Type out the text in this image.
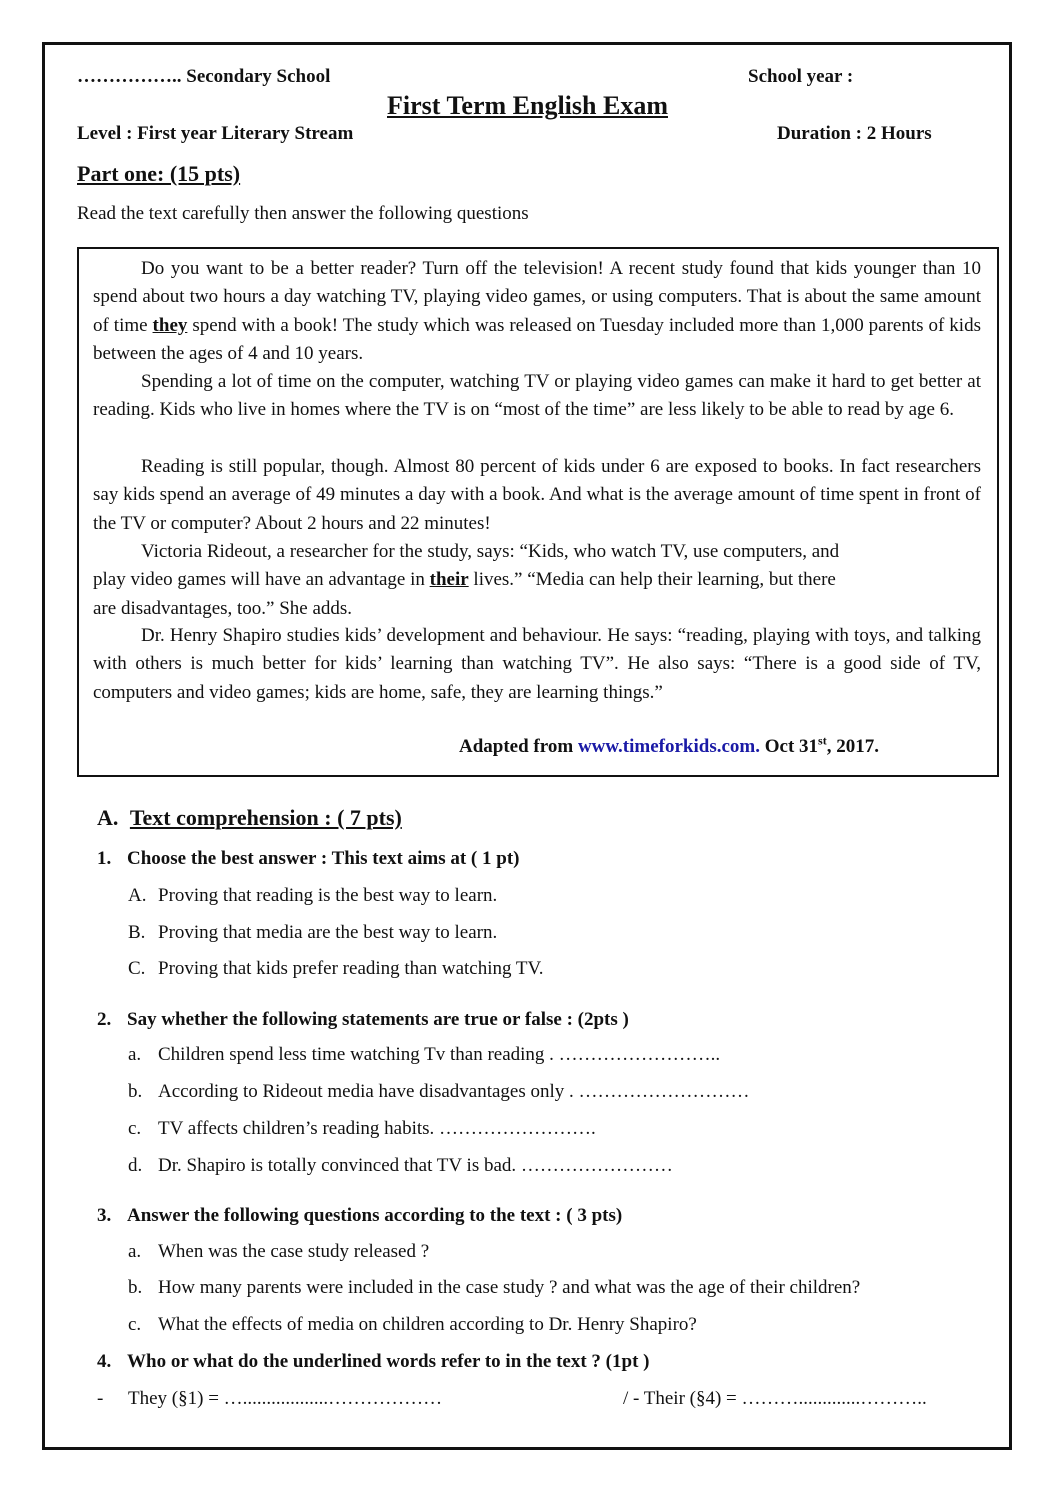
…………….. Secondary School	School year :
First Term English Exam
Level : First year Literary Stream	Duration : 2 Hours
Part one: (15 pts)
Read the text carefully then answer the following questions
Do you want to be a better reader? Turn off the television! A recent study found that kids younger than 10 spend about two hours a day watching TV, playing video games, or using computers. That is about the same amount of time they spend with a book! The study which was released on Tuesday included more than 1,000 parents of kids between the ages of 4 and 10 years.
Spending a lot of time on the computer, watching TV or playing video games can make it hard to get better at reading. Kids who live in homes where the TV is on “most of the time” are less likely to be able to read by age 6.
Reading is still popular, though. Almost 80 percent of kids under 6 are exposed to books. In fact researchers say kids spend an average of 49 minutes a day with a book. And what is the average amount of time spent in front of the TV or computer? About 2 hours and 22 minutes!
Victoria Rideout, a researcher for the study, says: “Kids, who watch TV, use computers, and
play video games will have an advantage in their lives.” “Media can help their learning, but there
are disadvantages, too.” She adds.
Dr. Henry Shapiro studies kids’ development and behaviour. He says: “reading, playing with toys, and talking with others is much better for kids’ learning than watching TV”. He also says: “There is a good side of TV, computers and video games; kids are home, safe, they are learning things.”
Adapted from www.timeforkids.com. Oct 31st, 2017.
A. Text comprehension : ( 7 pts)
1. Choose the best answer : This text aims at ( 1 pt)
A. Proving that reading is the best way to learn.
B. Proving that media are the best way to learn.
C. Proving that kids prefer reading than watching TV.
2. Say whether the following statements are true or false : (2pts )
a. Children spend less time watching Tv than reading . ……………………..
b. According to Rideout media have disadvantages only . ………………………
c. TV affects children’s reading habits. …………………….
d. Dr. Shapiro is totally convinced that TV is bad. ……………………
3. Answer the following questions according to the text : ( 3 pts)
a. When was the case study released ?
b. How many parents were included in the case study ? and what was the age of their children?
c. What the effects of media on children according to Dr. Henry Shapiro?
4. Who or what do the underlined words refer to in the text ? (1pt )
- They (§1) = …..................………………	/ - Their (§4) = ……….............………..
